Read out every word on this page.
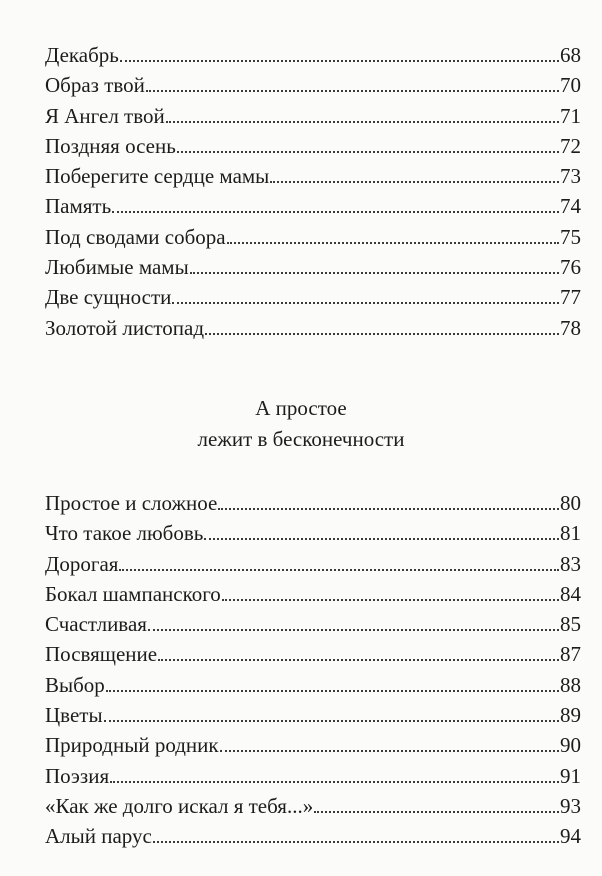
Декабрь	68
Образ твой	70
Я Ангел твой	71
Поздняя осень	72
Поберегите сердце мамы	73
Память	74
Под сводами собора	75
Любимые мамы	76
Две сущности	77
Золотой листопад	78
А простое
лежит в бесконечности
Простое и сложное	80
Что такое любовь	81
Дорогая	83
Бокал шампанского	84
Счастливая	85
Посвящение	87
Выбор	88
Цветы	89
Природный родник	90
Поэзия	91
«Как же долго искал я тебя...»	93
Алый парус	94
